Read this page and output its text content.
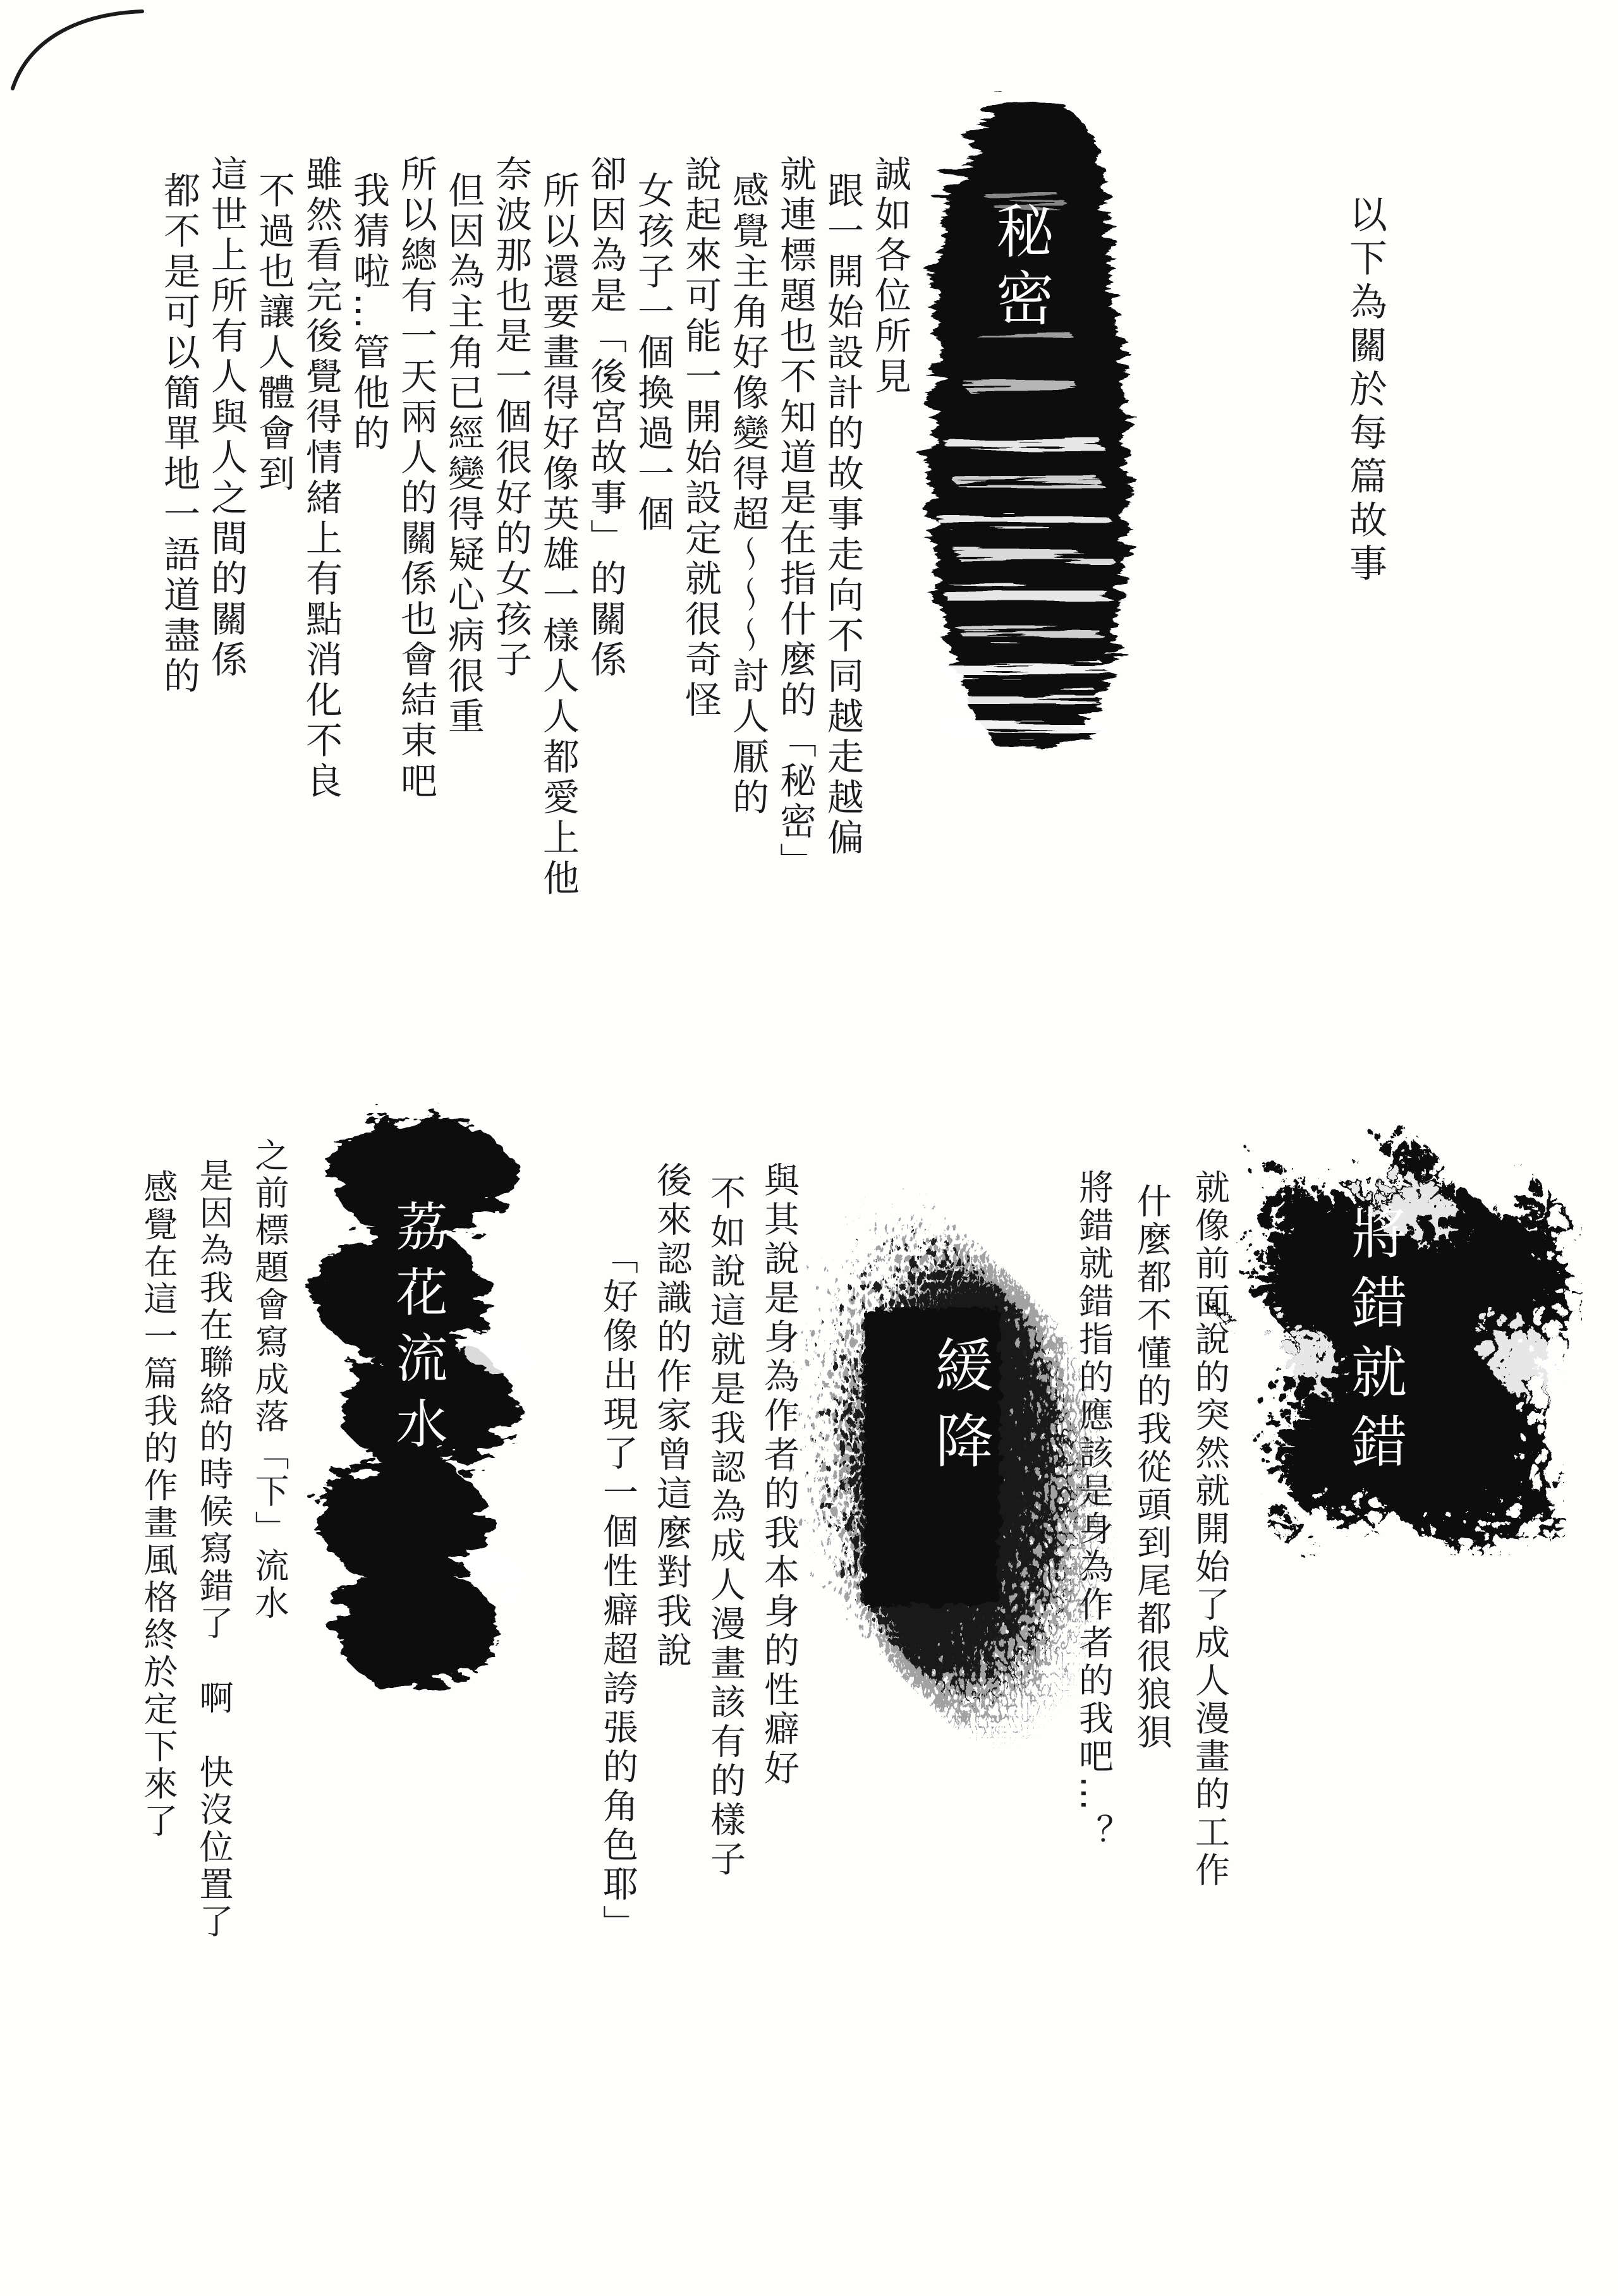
以下為關於每篇故事
秘密
誠如各位所見
跟一開始設計的故事走向不同越走越偏
就連標題也不知道是在指什麼的「秘密」
感覺主角好像變得超～～～討人厭的
說起來可能一開始設定就很奇怪
女孩子一個換過一個
卻因為是「後宮故事」的關係
所以還要畫得好像英雄一樣人人都愛上他
奈波那也是一個很好的女孩子
但因為主角已經變得疑心病很重
所以總有一天兩人的關係也會結束吧
我猜啦…管他的
雖然看完後覺得情緒上有點消化不良
不過也讓人體會到
這世上所有人與人之間的關係
都不是可以簡單地一語道盡的
將錯就錯
就像前面說的突然就開始了成人漫畫的工作
什麼都不懂的我從頭到尾都很狼狽
將錯就錯指的應該是身為作者的我吧…？
緩降
與其說是身為作者的我本身的性癖好
不如說這就是我認為成人漫畫該有的樣子
後來認識的作家曾這麼對我說
「好像出現了一個性癖超誇張的角色耶」
荔花流水
之前標題會寫成落「下」流水
是因為我在聯絡的時候寫錯了　啊　快沒位置了
感覺在這一篇我的作畫風格終於定下來了
